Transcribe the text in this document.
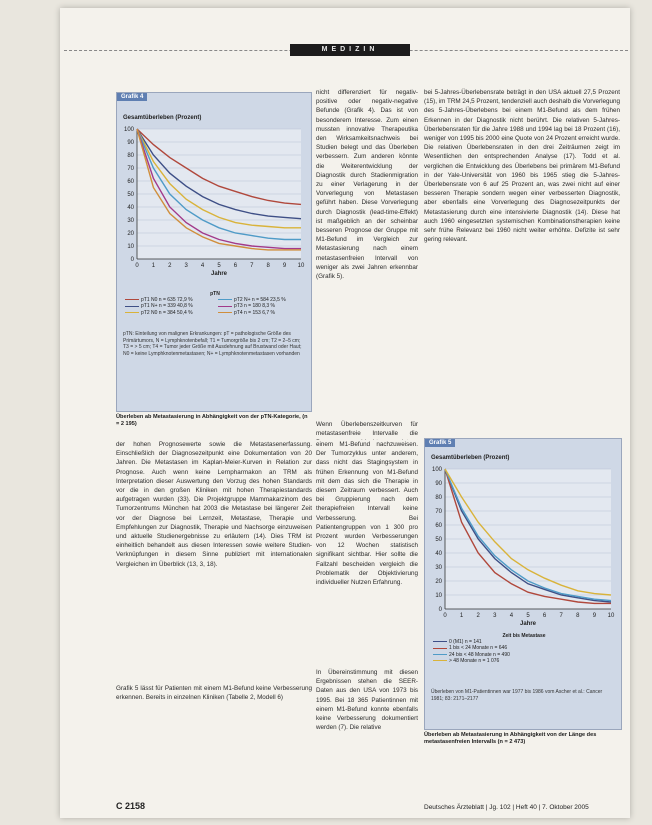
MEDIZIN
Grafik 4
Gesamtüberleben (Prozent)
0
10
20
30
40
50
60
70
80
90
100
0 1 2 3 4 5 6 7 8 9 10
Jahre
pTN
pT1 N0 n = 635 72,9 %
pT1 N+ n = 339 40,8 %
pT2 N0 n = 384 50,4 %
pT2 N+ n = 584 23,5 %
pT3 n = 180 8,3 %
pT4 n = 153 6,7 %
pTN: Einteilung von malignen Erkrankungen: pT = pathologische Größe des Primärtumors, N = Lymphknotenbefall; T1 = Tumorgröße bis 2 cm; T2 = 2–5 cm; T3 = > 5 cm; T4 = Tumor jeder Größe mit Ausdehnung auf Brustwand oder Haut; N0 = keine Lymphknotenmetastasen; N+ = Lymphknotenmetastasen vorhanden
Überleben ab Metastasierung in Abhängigkeit von der pTN-Kategorie, (n = 2 195)
Grafik 5
Gesamtüberleben (Prozent)
0
10
20
30
40
50
60
70
80
90
100
0 1 2 3 4 5 6 7 8 9 10
Jahre
Zeit bis Metastase
0 (M1) n = 141
1 bis < 24 Monate n = 646
24 bis < 48 Monate n = 490
> 48 Monate n = 1 076
Überleben von M1-Patientinnen war 1977 bis 1986 vom Ascher et al.: Cancer 1981; 83: 2171–2177
Überleben ab Metastasierung in Abhängigkeit von der Länge des metastasenfreien Intervalls (n = 2 473)
nicht differenziert für negativ-positive oder negativ-negative Befunde (Grafik 4). Das ist von besonderem Interesse. Zum einen mussten innovative Therapeutika den Wirksamkeitsnachweis bei Studien belegt und das Überleben verbessern. Zum anderen könnte die Weiterentwicklung der Diagnostik durch Stadienmigration zu einer Verlagerung in der Vorverlegung von Metastasen geführt haben. Diese Vorverlegung durch Diagnostik (lead-time-Effekt) ist maßgeblich an der scheinbar besseren Prognose der Gruppe mit M1-Befund im Vergleich zur Metastasierung nach einem metastasenfreien Intervall von weniger als zwei Jahren erkennbar (Grafik 5).
Wenn Überlebenszeitkurven für metastasenfreie Intervalle die
einem M1-Befund nachzuweisen. Der Tumorzyklus unter anderem, dass nicht das Stagingsystem in frühen Erkennung von M1-Befund mit dem das sich die Therapie in diesem Zeitraum verbessert. Auch bei Gruppierung nach dem therapiefreien Intervall keine Verbesserung. Bei Patientengruppen von 1 300 pro Prozent wurden Verbesserungen von 12 Wochen statistisch signifikant sichtbar. Hier sollte die Fallzahl bescheiden vergleich die Problematik der Objektivierung individueller Nutzen Erfahrung.
In Übereinstimmung mit diesen Ergebnissen stehen die SEER-Daten aus den USA von 1973 bis 1995. Bei 18 365 Patientinnen mit einem M1-Befund konnte ebenfalls keine Verbesserung dokumentiert werden (7). Die relative
bei 5-Jahres-Überlebensrate beträgt in den USA aktuell 27,5 Prozent (15), im TRM 24,5 Prozent, tendenziell auch deshalb die Vorverlegung des 5-Jahres-Überlebens bei einem M1-Befund als dem frühen Erkennen in der Diagnostik nicht berührt. Die relativen 5-Jahres-Überlebensraten für die Jahre 1988 und 1994 lag bei 18 Prozent (16), weniger von 1995 bis 2000 eine Quote von 24 Prozent erreicht wurde. Die relativen Überlebensraten in den drei Zeiträumen zeigt im Wesentlichen den entsprechenden Analyse (17). Todd et al. verglichen die Entwicklung des Überlebens bei primärem M1-Befund in der Yale-Universität von 1960 bis 1965 stieg die 5-Jahres-Überlebensrate von 6 auf 25 Prozent an, was zwei nicht auf einer besseren Therapie sondern wegen einer verbesserten Diagnostik, aber ebenfalls eine Vorverlegung des Diagnosezeitpunkts der Metastasierung durch eine intensivierte Diagnostik (14). Diese hat auch 1960 eingesetzten systemischen Kombinationstherapien keine sehr frühe Relevanz bei 1960 nicht weiter erhöhte. Defizite ist sehr gering relevant.
der hohen Prognosewerte sowie die Metastasenerfassung. Einschließlich der Diagnosezeitpunkt eine Dokumentation von 20 Jahren. Die Metastasen im Kaplan-Meier-Kurven in Relation zur Prognose. Auch wenn keine Lernpharmakon an TRM als Interpretation dieser Auswertung den Vorzug des hohen Standards vor die in den großen Kliniken mit hohen Therapiestandards aufgetragen wurden (33). Die Projektgruppe Mammakarzinom des Tumorzentrums München hat 2003 die Metastase bei längerer Zeit vor der Diagnose bei Lernzeit, Metastase, Therapie und Empfehlungen zur Diagnostik, Therapie und Nachsorge einzuweisen und aktuelle Studienergebnisse zu erläutern (14). Dies TRM ist einheitlich behandelt aus diesen Interessen sowie weitere Studien-Verknüpfungen in diesem Sinne publiziert mit internationalen Vergleichen im Überblick (13, 3, 18).
Grafik 5 lässt für Patienten mit einem M1-Befund keine Verbesserung erkennen. Bereits in einzelnen Kliniken (Tabelle 2, Modell 6)
C 2158	Deutsches Ärzteblatt | Jg. 102 | Heft 40 | 7. Oktober 2005
